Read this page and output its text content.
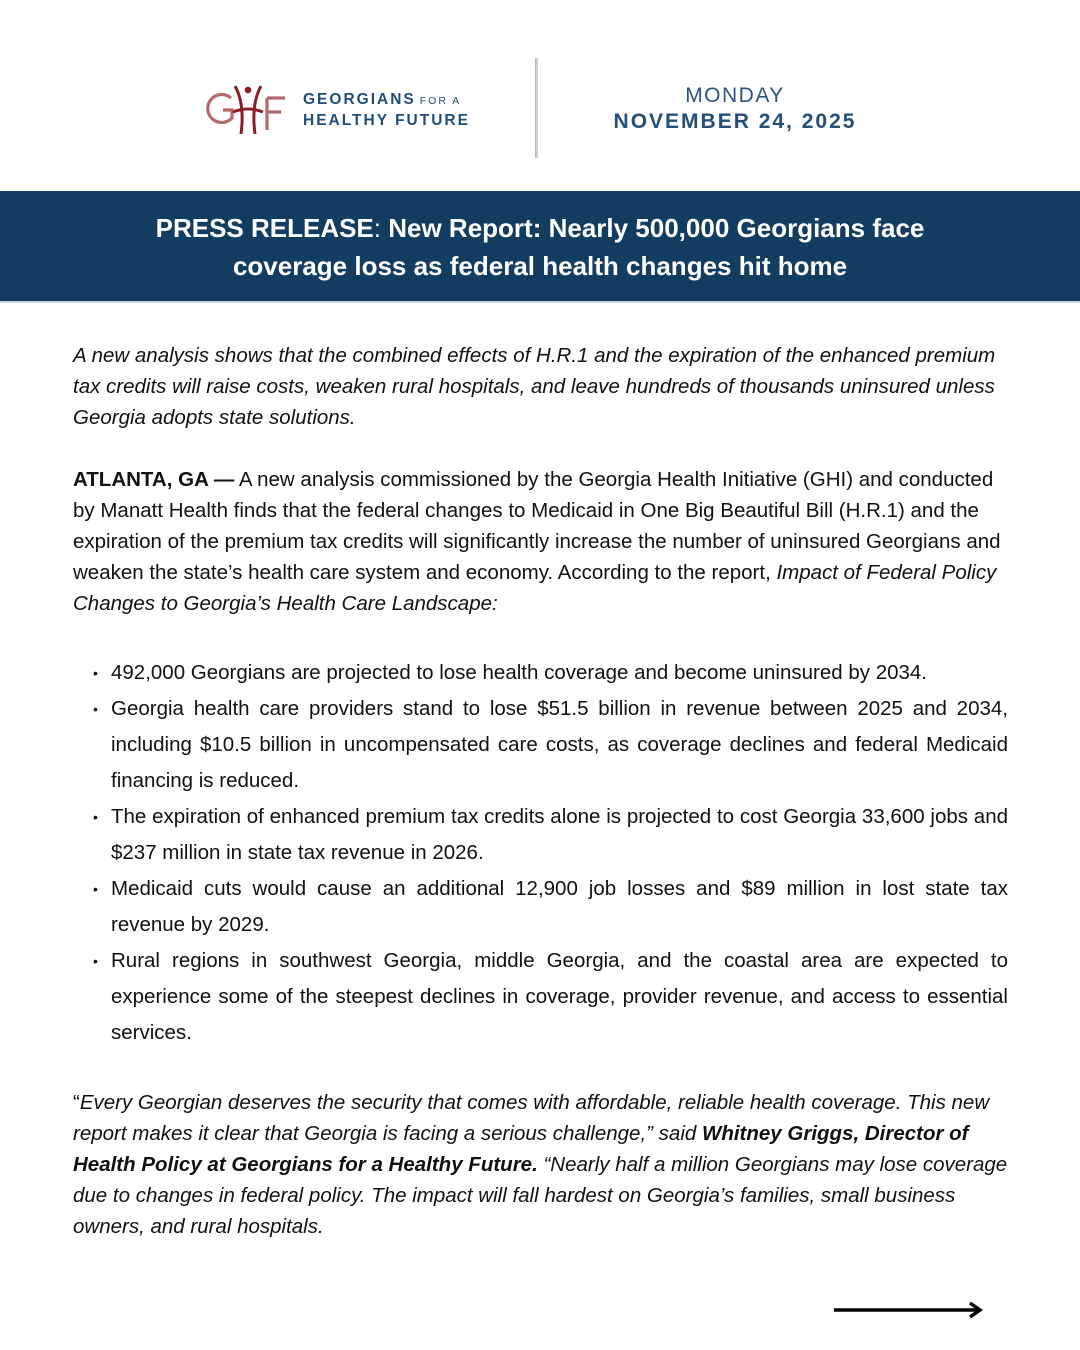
GEORGIANS FOR A
HEALTHY FUTURE
MONDAY
NOVEMBER 24, 2025
PRESS RELEASE: New Report: Nearly 500,000 Georgians face
coverage loss as federal health changes hit home

A new analysis shows that the combined effects of H.R.1 and the expiration of the enhanced premium tax credits will raise costs, weaken rural hospitals, and leave hundreds of thousands uninsured unless Georgia adopts state solutions.

ATLANTA, GA — A new analysis commissioned by the Georgia Health Initiative (GHI) and conducted by Manatt Health finds that the federal changes to Medicaid in One Big Beautiful Bill (H.R.1) and the expiration of the premium tax credits will significantly increase the number of uninsured Georgians and weaken the state’s health care system and economy. According to the report, Impact of Federal Policy Changes to Georgia’s Health Care Landscape:

• 492,000 Georgians are projected to lose health coverage and become uninsured by 2034.
• Georgia health care providers stand to lose $51.5 billion in revenue between 2025 and 2034, including $10.5 billion in uncompensated care costs, as coverage declines and federal Medicaid financing is reduced.
• The expiration of enhanced premium tax credits alone is projected to cost Georgia 33,600 jobs and $237 million in state tax revenue in 2026.
• Medicaid cuts would cause an additional 12,900 job losses and $89 million in lost state tax revenue by 2029.
• Rural regions in southwest Georgia, middle Georgia, and the coastal area are expected to experience some of the steepest declines in coverage, provider revenue, and access to essential services.

“Every Georgian deserves the security that comes with affordable, reliable health coverage. This new report makes it clear that Georgia is facing a serious challenge,” said Whitney Griggs, Director of Health Policy at Georgians for a Healthy Future. “Nearly half a million Georgians may lose coverage due to changes in federal policy. The impact will fall hardest on Georgia’s families, small business owners, and rural hospitals.
